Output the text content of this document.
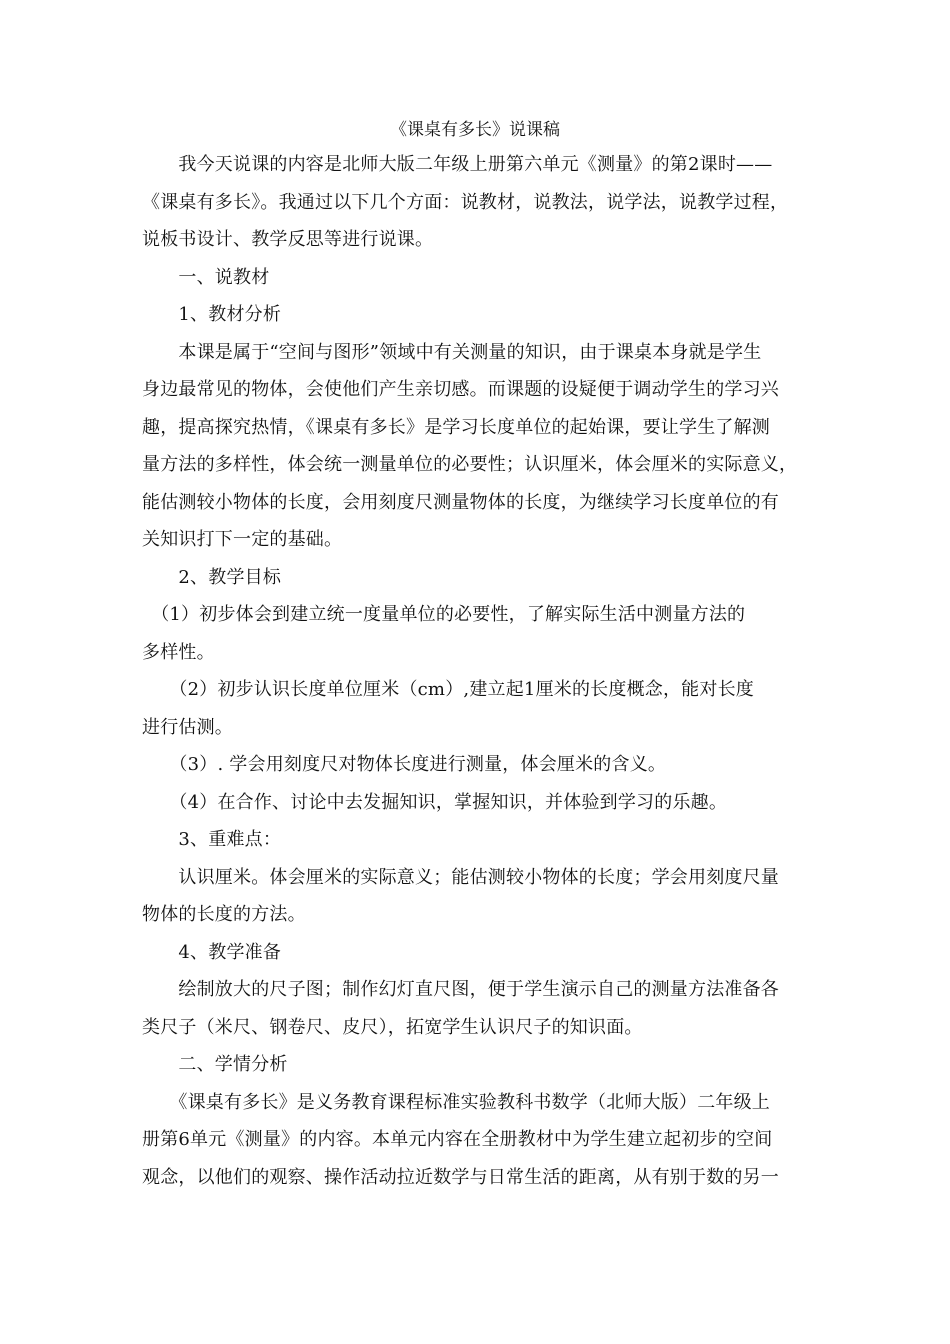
《课桌有多长》说课稿
　　我今天说课的内容是北师大版二年级上册第六单元《测量》的第2课时——
《课桌有多长》。我通过以下几个方面：说教材，说教法，说学法，说教学过程，
说板书设计、教学反思等进行说课。
　　一、说教材
　　1、教材分析
　　本课是属于“空间与图形”领域中有关测量的知识，由于课桌本身就是学生
身边最常见的物体，会使他们产生亲切感。而课题的设疑便于调动学生的学习兴
趣，提高探究热情，《课桌有多长》是学习长度单位的起始课，要让学生了解测
量方法的多样性，体会统一测量单位的必要性；认识厘米，体会厘米的实际意义，
能估测较小物体的长度，会用刻度尺测量物体的长度，为继续学习长度单位的有
关知识打下一定的基础。
　　2、教学目标
　（1）初步体会到建立统一度量单位的必要性，了解实际生活中测量方法的
多样性。
　　（2）初步认识长度单位厘米（cm）,建立起1厘米的长度概念，能对长度
进行估测。
　　（3）. 学会用刻度尺对物体长度进行测量，体会厘米的含义。
　　（4）在合作、讨论中去发掘知识，掌握知识，并体验到学习的乐趣。
　　3、重难点：
　　认识厘米。体会厘米的实际意义；能估测较小物体的长度；学会用刻度尺量
物体的长度的方法。
　　4、教学准备
　　绘制放大的尺子图；制作幻灯直尺图，便于学生演示自己的测量方法准备各
类尺子（米尺、钢卷尺、皮尺），拓宽学生认识尺子的知识面。
　　二、学情分析
　　《课桌有多长》是义务教育课程标准实验教科书数学（北师大版）二年级上
册第6单元《测量》的内容。本单元内容在全册教材中为学生建立起初步的空间
观念，以他们的观察、操作活动拉近数学与日常生活的距离，从有别于数的另一
